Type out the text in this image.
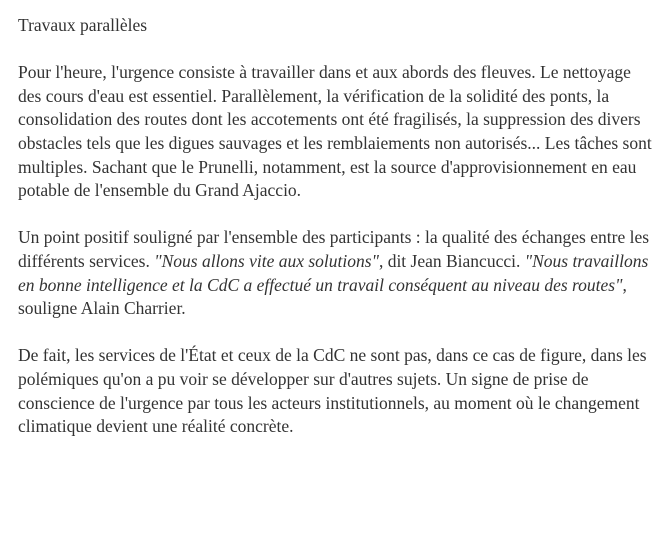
Travaux parallèles

Pour l'heure, l'urgence consiste à travailler dans et aux abords des fleuves. Le nettoyage des cours d'eau est essentiel. Parallèlement, la vérification de la solidité des ponts, la consolidation des routes dont les accotements ont été fragilisés, la suppression des divers obstacles tels que les digues sauvages et les remblaiements non autorisés... Les tâches sont multiples. Sachant que le Prunelli, notamment, est la source d'approvisionnement en eau potable de l'ensemble du Grand Ajaccio.

Un point positif souligné par l'ensemble des participants : la qualité des échanges entre les différents services. "Nous allons vite aux solutions", dit Jean Biancucci. "Nous travaillons en bonne intelligence et la CdC a effectué un travail conséquent au niveau des routes", souligne Alain Charrier.

De fait, les services de l'État et ceux de la CdC ne sont pas, dans ce cas de figure, dans les polémiques qu'on a pu voir se développer sur d'autres sujets. Un signe de prise de conscience de l'urgence par tous les acteurs institutionnels, au moment où le changement climatique devient une réalité concrète.
